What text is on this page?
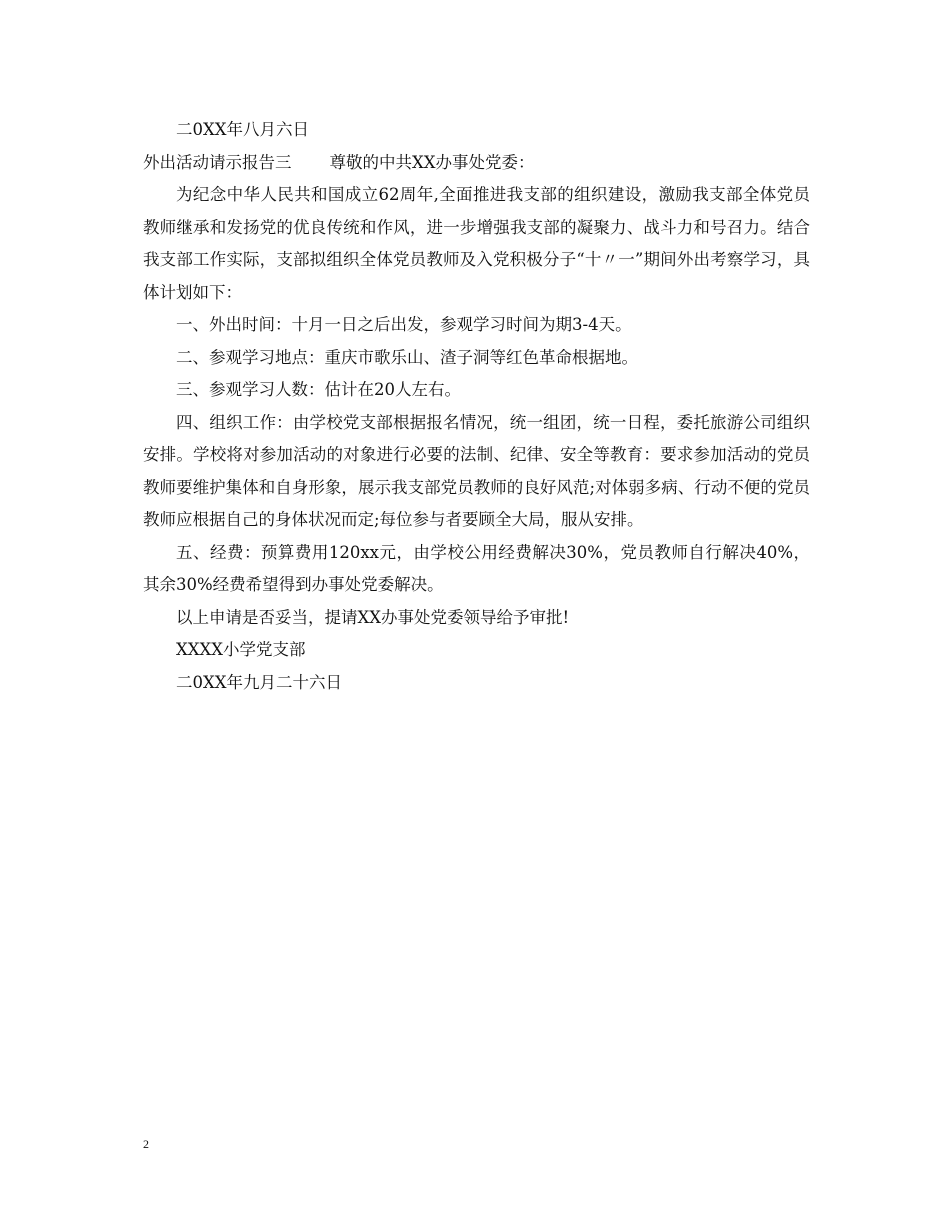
二0XX年八月六日

外出活动请示报告三 尊敬的中共XX办事处党委：

为纪念中华人民共和国成立62周年,全面推进我支部的组织建设，激励我支部全体党员教师继承和发扬党的优良传统和作风，进一步增强我支部的凝聚力、战斗力和号召力。结合我支部工作实际，支部拟组织全体党员教师及入党积极分子“十〃一”期间外出考察学习，具体计划如下：

一、外出时间：十月一日之后出发，参观学习时间为期3-4天。

二、参观学习地点：重庆市歌乐山、渣子洞等红色革命根据地。

三、参观学习人数：估计在20人左右。

四、组织工作：由学校党支部根据报名情况，统一组团，统一日程，委托旅游公司组织安排。学校将对参加活动的对象进行必要的法制、纪律、安全等教育：要求参加活动的党员教师要维护集体和自身形象，展示我支部党员教师的良好风范;对体弱多病、行动不便的党员教师应根据自己的身体状况而定;每位参与者要顾全大局，服从安排。

五、经费：预算费用120xx元，由学校公用经费解决30%，党员教师自行解决40%，其余30%经费希望得到办事处党委解决。

以上申请是否妥当，提请XX办事处党委领导给予审批!

XXXX小学党支部

二0XX年九月二十六日

2
